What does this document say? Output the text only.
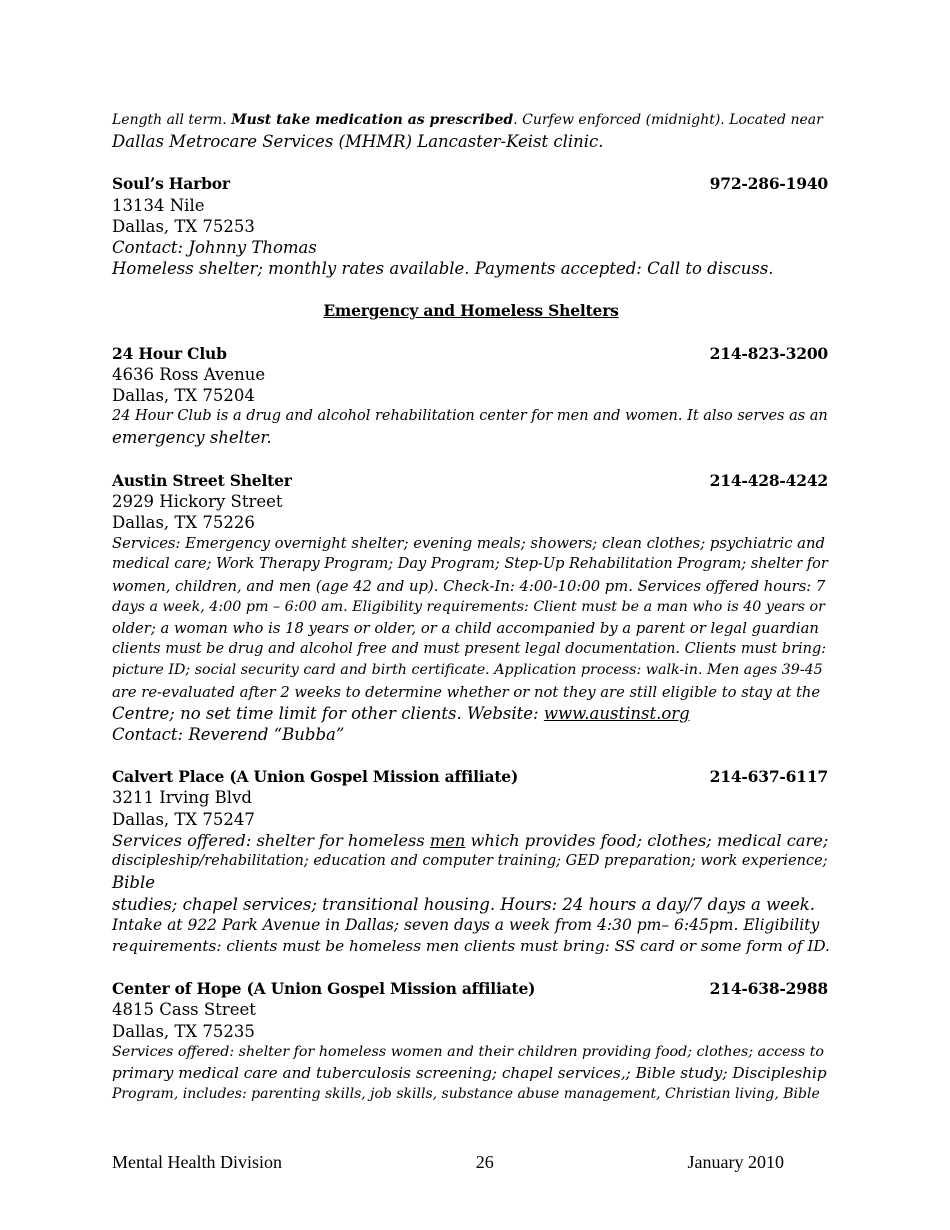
Length all term. Must take medication as prescribed. Curfew enforced (midnight). Located near
Dallas Metrocare Services (MHMR) Lancaster-Keist clinic.
Soul’s Harbor	972-286-1940
13134 Nile
Dallas, TX 75253
Contact: Johnny Thomas
Homeless shelter; monthly rates available. Payments accepted: Call to discuss.
Emergency and Homeless Shelters
24 Hour Club	214-823-3200
4636 Ross Avenue
Dallas, TX 75204
24 Hour Club is a drug and alcohol rehabilitation center for men and women. It also serves as an
emergency shelter.
Austin Street Shelter	214-428-4242
2929 Hickory Street
Dallas, TX 75226
Services: Emergency overnight shelter; evening meals; showers; clean clothes; psychiatric and
medical care; Work Therapy Program; Day Program; Step-Up Rehabilitation Program; shelter for
women, children, and men (age 42 and up). Check-In: 4:00-10:00 pm. Services offered hours: 7
days a week, 4:00 pm – 6:00 am. Eligibility requirements: Client must be a man who is 40 years or
older; a woman who is 18 years or older, or a child accompanied by a parent or legal guardian
clients must be drug and alcohol free and must present legal documentation. Clients must bring:
picture ID; social security card and birth certificate. Application process: walk-in. Men ages 39-45
are re-evaluated after 2 weeks to determine whether or not they are still eligible to stay at the
Centre; no set time limit for other clients. Website: www.austinst.org
Contact: Reverend “Bubba”
Calvert Place (A Union Gospel Mission affiliate)	214-637-6117
3211 Irving Blvd
Dallas, TX 75247
Services offered: shelter for homeless men which provides food; clothes; medical care;
discipleship/rehabilitation; education and computer training; GED preparation; work experience;
Bible
studies; chapel services; transitional housing. Hours: 24 hours a day/7 days a week.
Intake at 922 Park Avenue in Dallas; seven days a week from 4:30 pm– 6:45pm. Eligibility
requirements: clients must be homeless men clients must bring: SS card or some form of ID.
Center of Hope (A Union Gospel Mission affiliate)	214-638-2988
4815 Cass Street
Dallas, TX 75235
Services offered: shelter for homeless women and their children providing food; clothes; access to
primary medical care and tuberculosis screening; chapel services,; Bible study; Discipleship
Program, includes: parenting skills, job skills, substance abuse management, Christian living, Bible
Mental Health Division	26	January 2010
